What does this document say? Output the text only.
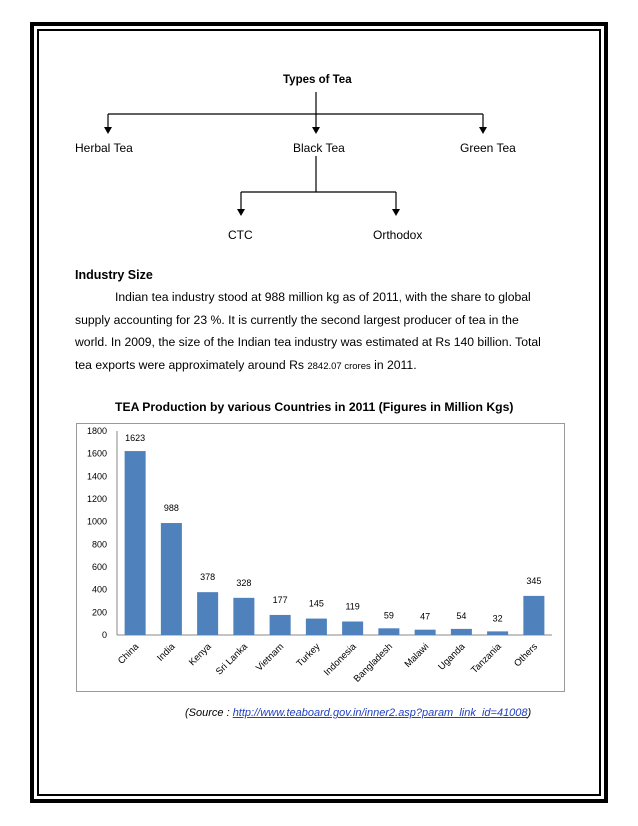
Types of Tea
Herbal Tea	Black Tea	Green Tea
CTC	Orthodox
Industry Size
Indian tea industry stood at 988 million kg as of 2011, with the share to global
supply accounting for 23 %. It is currently the second largest producer of tea in the
world. In 2009, the size of the Indian tea industry was estimated at Rs 140 billion. Total
tea exports were approximately around Rs 2842.07 crores in 2011.
TEA Production by various Countries in 2011 (Figures in Million Kgs)
0
200
400
600
800
1000
1200
1400
1600
1800
1623
China
988
India
378
Kenya
328
Sri Lanka
177
Vietnam
145
Turkey
119
Indonesia
59
Bangladesh
47
Malawi
54
Uganda
32
Tanzania
345
Others
(Source : http://www.teaboard.gov.in/inner2.asp?param_link_id=41008)
